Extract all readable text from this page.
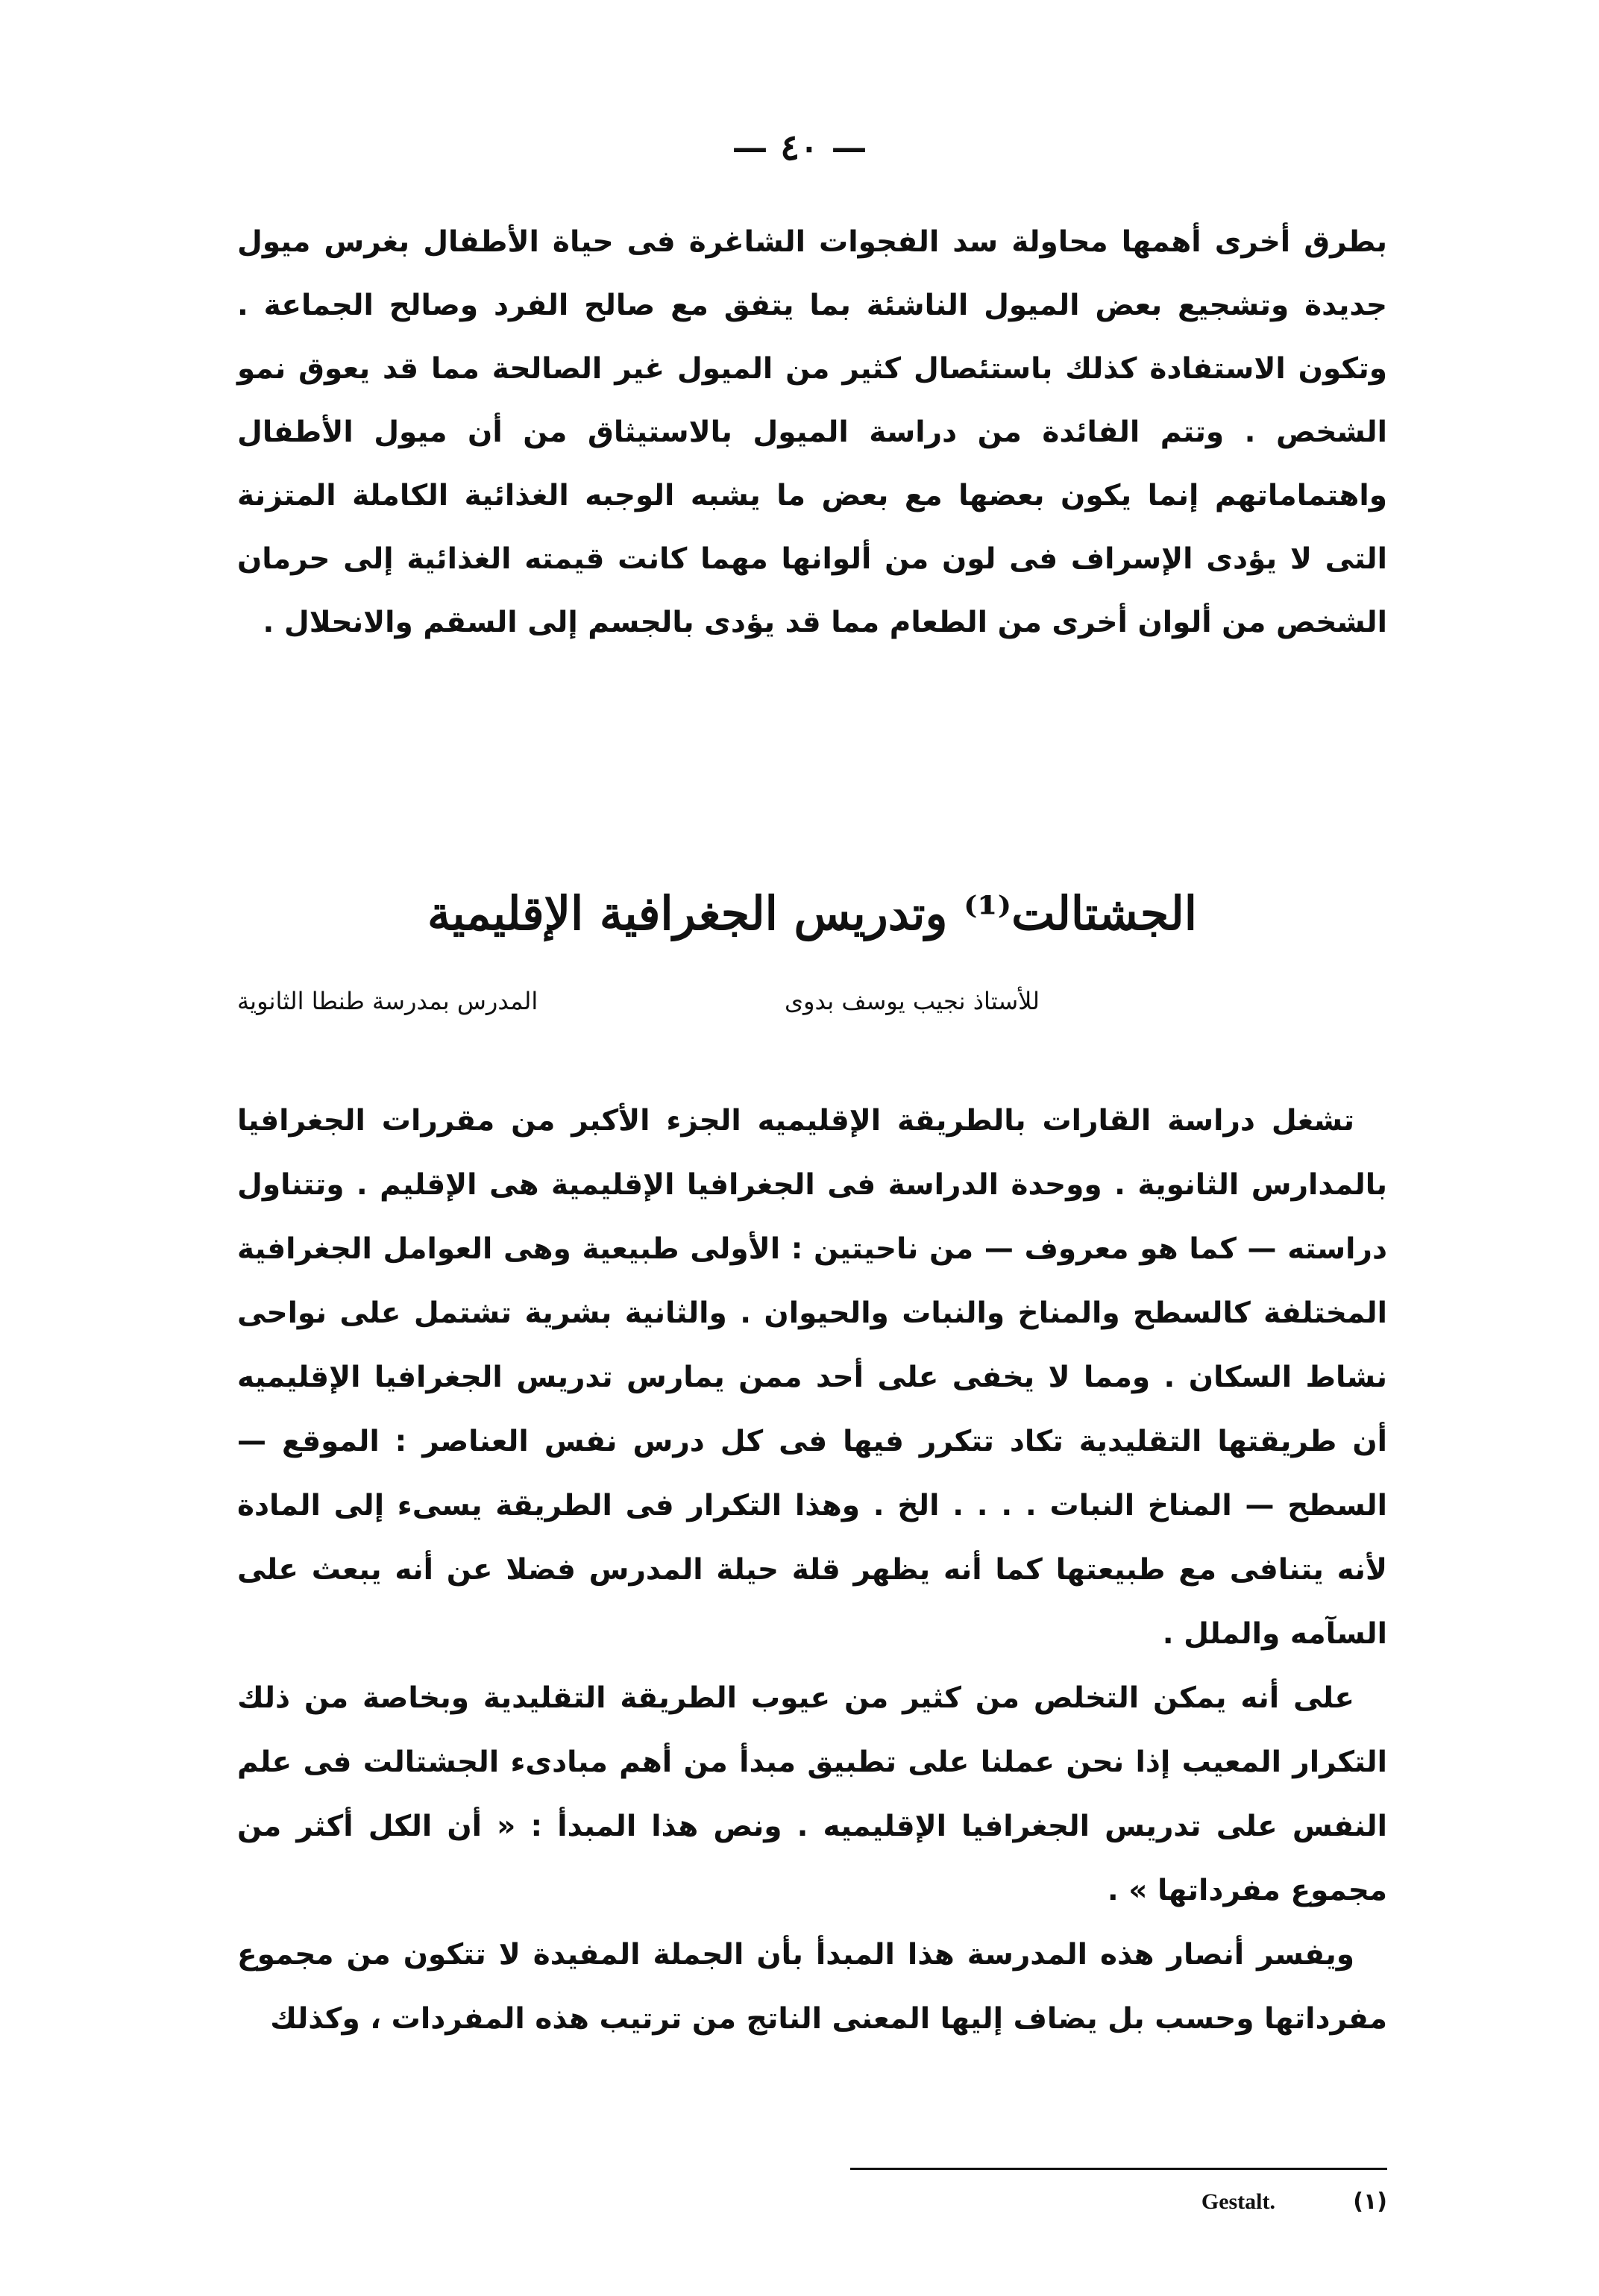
— ٤٠ —
بطرق أخرى أهمها محاولة سد الفجوات الشاغرة فى حياة الأطفال بغرس ميول جديدة وتشجيع بعض الميول الناشئة بما يتفق مع صالح الفرد وصالح الجماعة . وتكون الاستفادة كذلك باستئصال كثير من الميول غير الصالحة مما قد يعوق نمو الشخص . وتتم الفائدة من دراسة الميول بالاستيثاق من أن ميول الأطفال واهتماماتهم إنما يكون بعضها مع بعض ما يشبه الوجبه الغذائية الكاملة المتزنة التى لا يؤدى الإسراف فى لون من ألوانها مهما كانت قيمته الغذائية إلى حرمان الشخص من ألوان أخرى من الطعام مما قد يؤدى بالجسم إلى السقم والانحلال .
الجشتالت⁽¹⁾ وتدريس الجغرافية الإقليمية
للأستاذ نجيب يوسف بدوى
المدرس بمدرسة طنطا الثانوية

تشغل دراسة القارات بالطريقة الإقليميه الجزء الأكبر من مقررات الجغرافيا بالمدارس الثانوية . ووحدة الدراسة فى الجغرافيا الإقليمية هى الإقليم . وتتناول دراسته — كما هو معروف — من ناحيتين : الأولى طبيعية وهى العوامل الجغرافية المختلفة كالسطح والمناخ والنبات والحيوان . والثانية بشرية تشتمل على نواحى نشاط السكان . ومما لا يخفى على أحد ممن يمارس تدريس الجغرافيا الإقليميه أن طريقتها التقليدية تكاد تتكرر فيها فى كل درس نفس العناصر : الموقع — السطح — المناخ النبات . . . . الخ . وهذا التكرار فى الطريقة يسىء إلى المادة لأنه يتنافى مع طبيعتها كما أنه يظهر قلة حيلة المدرس فضلا عن أنه يبعث على السآمه والملل .

على أنه يمكن التخلص من كثير من عيوب الطريقة التقليدية وبخاصة من ذلك التكرار المعيب إذا نحن عملنا على تطبيق مبدأ من أهم مبادىء الجشتالت فى علم النفس على تدريس الجغرافيا الإقليميه . ونص هذا المبدأ : « أن الكل أكثر من مجموع مفرداتها » .

ويفسر أنصار هذه المدرسة هذا المبدأ بأن الجملة المفيدة لا تتكون من مجموع مفرداتها وحسب بل يضاف إليها المعنى الناتج من ترتيب هذه المفردات ، وكذلك

(١)
Gestalt.
